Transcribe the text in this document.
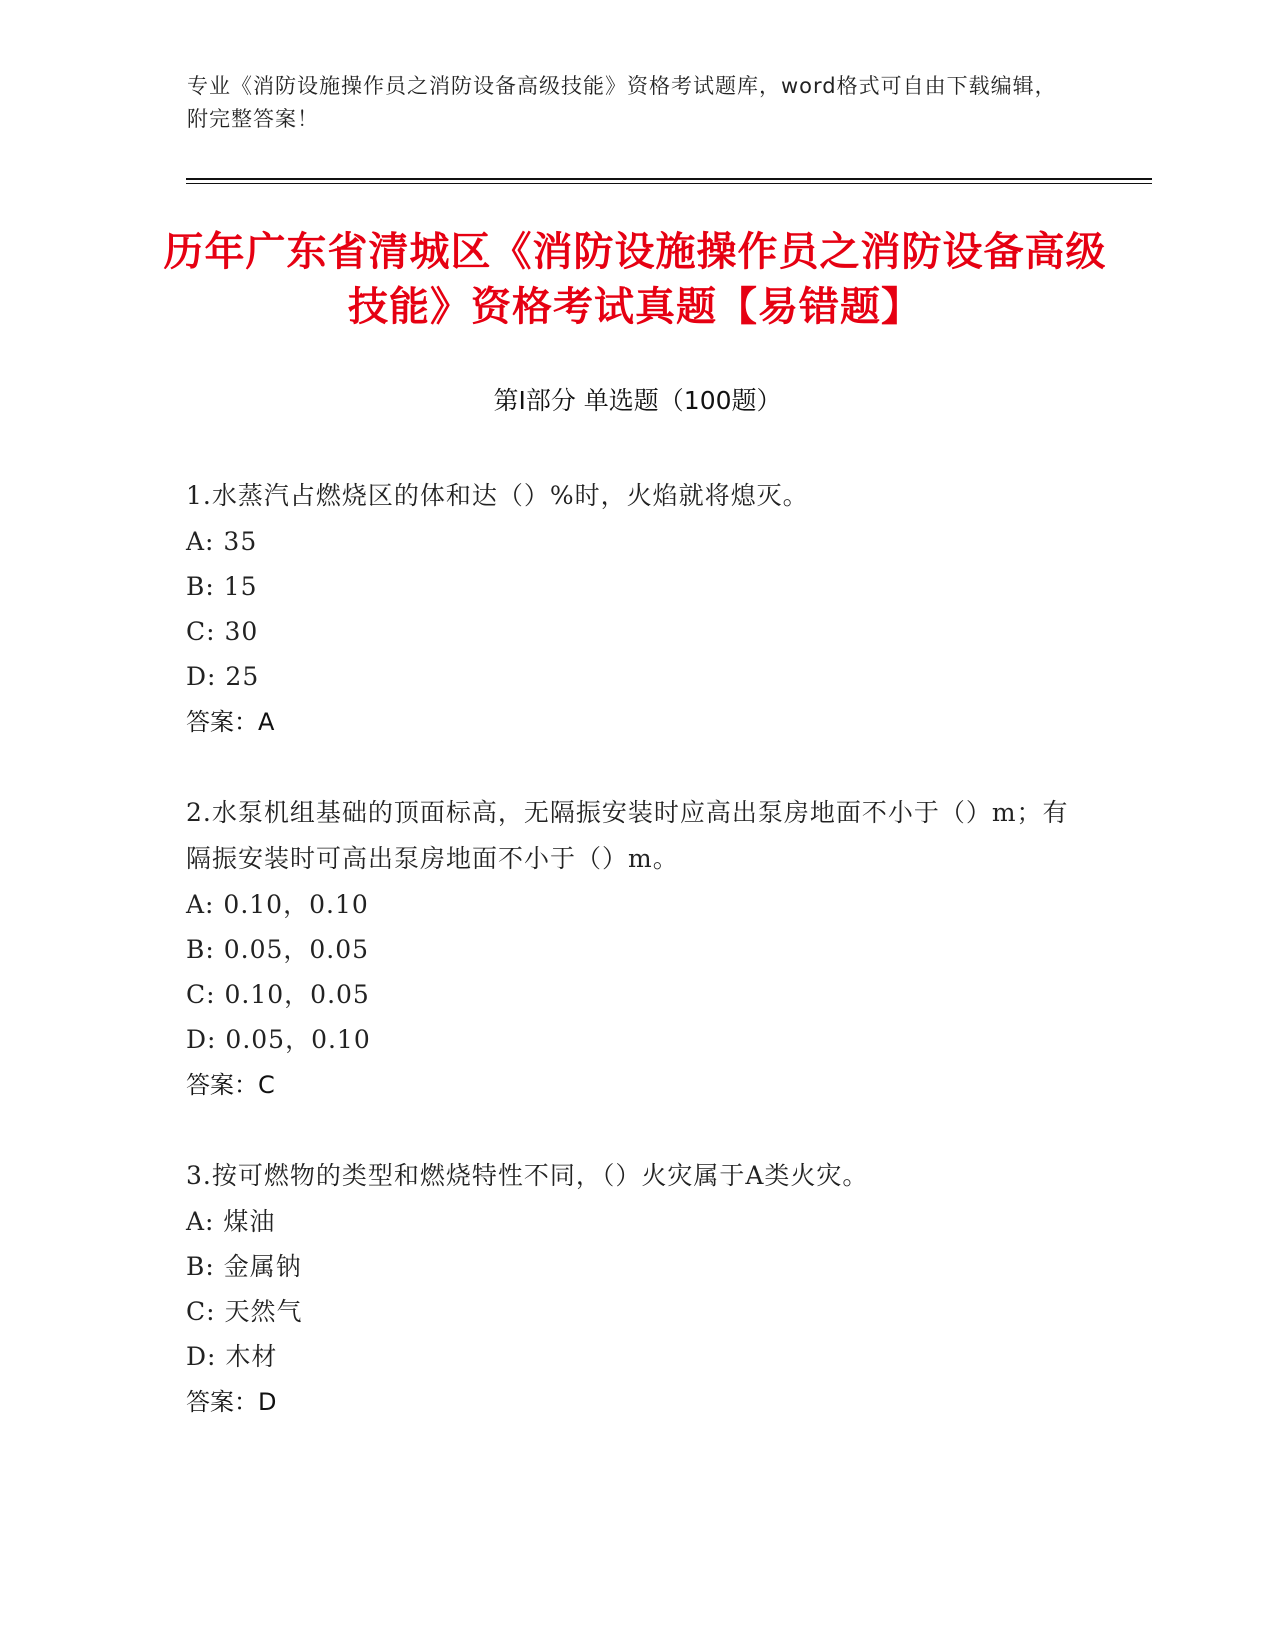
专业《消防设施操作员之消防设备高级技能》资格考试题库，word格式可自由下载编辑，附完整答案！
历年广东省清城区《消防设施操作员之消防设备高级技能》资格考试真题【易错题】
第Ⅰ部分 单选题（100题）
1.水蒸汽占燃烧区的体和达（）%时，火焰就将熄灭。
A: 35
B: 15
C: 30
D: 25
答案：A
2.水泵机组基础的顶面标高，无隔振安装时应高出泵房地面不小于（）m；有隔振安装时可高出泵房地面不小于（）m。
A: 0.10，0.10
B: 0.05，0.05
C: 0.10，0.05
D: 0.05，0.10
答案：C
3.按可燃物的类型和燃烧特性不同，（）火灾属于A类火灾。
A: 煤油
B: 金属钠
C: 天然气
D: 木材
答案：D
